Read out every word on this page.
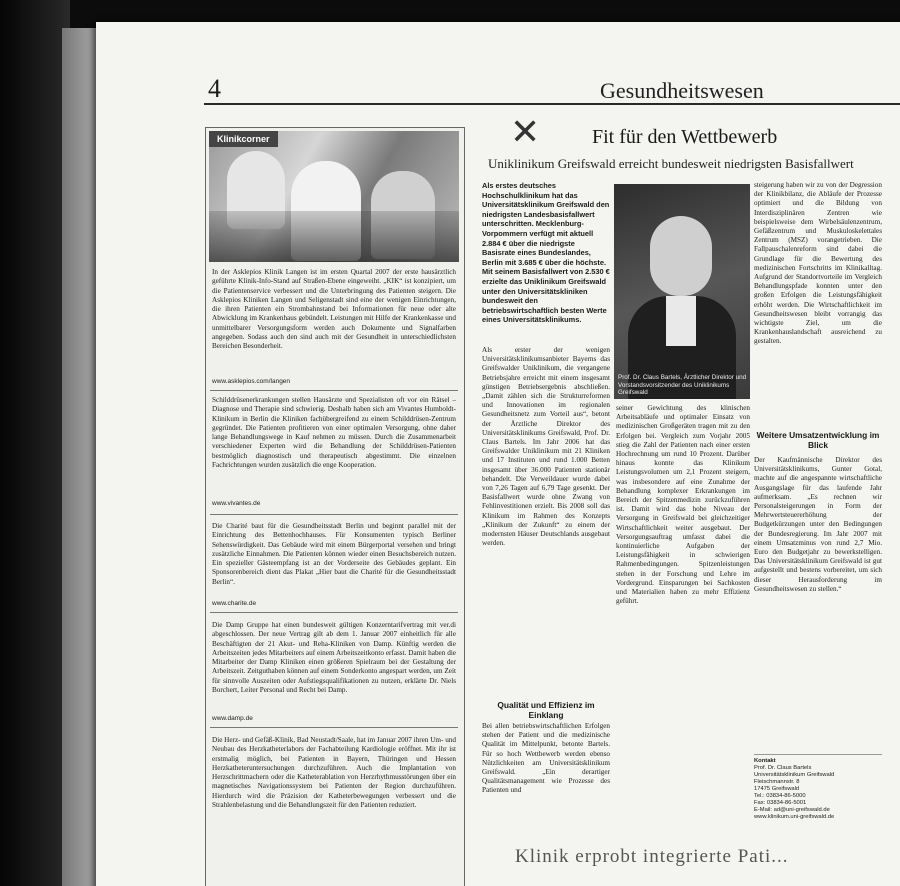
4	Gesundheitswesen
Klinikcorner
In der Asklepios Klinik Langen ist im ersten Quartal 2007 der erste hausärztlich geführte Klinik-Info-Stand auf Straßen-Ebene eingeweiht. „KIK“ ist konzipiert, um die Patientenservice verbessert und die Unterbringung des Patienten steigern. Die Asklepios Kliniken Langen und Seligenstadt sind eine der wenigen Einrichtungen, die ihren Patienten ein Strombahnstand bei Informationen für neue oder alte Abwicklung im Krankenhaus gebündelt. Leistungen mit Hilfe der Krankenkasse und unmittelbarer Versorgungsform werden auch Dokumente und Signalfarben angegeben. Sodass auch den sind auch mit der Gesundheit in unterschiedlichsten Bereichen Besonderheit.
www.asklepios.com/langen
Schilddrüsenerkrankungen stellen Hausärzte und Spezialisten oft vor ein Rätsel – Diagnose und Therapie sind schwierig. Deshalb haben sich am Vivantes Humboldt-Klinikum in Berlin die Kliniken fachübergreifend zu einem Schilddrüsen-Zentrum gegründet. Die Patienten profitieren von einer optimalen Versorgung, ohne daher lange Behandlungswege in Kauf nehmen zu müssen. Durch die Zusammenarbeit verschiedener Experten wird die Behandlung der Schilddrüsen-Patienten bestmöglich diagnostisch und therapeutisch abgestimmt. Die einzelnen Fachrichtungen wurden zusätzlich die enge Kooperation.
www.vivantes.de
Die Charité baut für die Gesundheitsstadt Berlin und beginnt parallel mit der Einrichtung des Bettenhochhauses. Für Konsumenten typisch Berliner Sehenswürdigkeit. Das Gebäude wird mit einem Bürgerportal versehen und bringt zusätzliche Einnahmen. Die Patienten können wieder einen Besuchsbereich nutzen. Ein spezieller Gästeempfang ist an der Vorderseite des Gebäudes geplant. Ein Sponsorenbereich dient das Plakat „Hier baut die Charité für die Gesundheitsstadt Berlin“.
www.charite.de
Die Damp Gruppe hat einen bundesweit gültigen Konzerntarifvertrag mit ver.di abgeschlossen. Der neue Vertrag gilt ab dem 1. Januar 2007 einheitlich für alle Beschäftigten der 21 Akut- und Reha-Kliniken von Damp. Künftig werden die Arbeitszeiten jedes Mitarbeiters auf einem Arbeitszeitkonto erfasst. Damit haben die Mitarbeiter der Damp Kliniken einen größeren Spielraum bei der Gestaltung der Arbeitszeit. Zeitguthaben können auf einem Sonderkonto angespart werden, um Zeit für sinnvolle Auszeiten oder Aufstiegsqualifikationen zu nutzen, erklärte Dr. Niels Borchert, Leiter Personal und Recht bei Damp.
www.damp.de
Die Herz- und Gefäß-Klinik, Bad Neustadt/Saale, hat im Januar 2007 ihren Um- und Neubau des Herzkatheterlabors der Fachabteilung Kardiologie eröffnet. Mit ihr ist erstmalig möglich, bei Patienten in Bayern, Thüringen und Hessen Herzkatheteruntersuchungen durchzuführen. Auch die Implantation von Herzschrittmachern oder die Katheterablation von Herzrhythmusstörungen über ein magnetisches Navigationssystem bei Patienten der Region durchzuführen. Hierdurch wird die Präzision der Katheterbewegungen verbessert und die Strahlenbelastung und die Behandlungszeit für den Patienten reduziert.
✕	Fit für den Wettbewerb
Uniklinikum Greifswald erreicht bundesweit niedrigsten Basisfallwert
Als erstes deutsches Hochschulklinikum hat das Universitätsklinikum Greifswald den niedrigsten Landesbasisfallwert unterschritten. Mecklenburg-Vorpommern verfügt mit aktuell 2.884 € über die niedrigste Basisrate eines Bundeslandes, Berlin mit 3.685 € über die höchste. Mit seinem Basisfallwert von 2.530 € erzielte das Uniklinikum Greifswald unter den Universitätskliniken bundesweit den betriebswirtschaftlich besten Werte eines Universitätsklinikums.
Als erster der wenigen Universitätsklinikumsanbieter Bayerns das Greifswalder Uniklinikum, die vergangene Betriebsjahre erreicht mit einem insgesamt günstigen Betriebsergebnis abschließen. „Damit zählen sich die Strukturreformen und Innovationen im regionalen Gesundheitsnetz zum Vorteil aus“, betont der Ärztliche Direktor des Universitätsklinikums Greifswald, Prof. Dr. Claus Bartels. Im Jahr 2006 hat das Greifswalder Uniklinikum mit 21 Kliniken und 17 Instituten und rund 1.000 Betten insgesamt über 36.000 Patienten stationär behandelt. Die Verweildauer wurde dabei von 7,26 Tagen auf 6,79 Tage gesenkt. Der Basisfallwert wurde ohne Zwang von Fehlinvestitionen erzielt. Bis 2008 soll das Klinikum im Rahmen des Konzepts „Klinikum der Zukunft“ zu einem der modernsten Häuser Deutschlands ausgebaut werden.
Qualität und Effizienz im Einklang
Bei allen betriebswirtschaftlichen Erfolgen stehen der Patient und die medizinische Qualität im Mittelpunkt, betonte Bartels. Für so hoch Wettbewerb werden ebenso Nützlichkeiten am Universitätsklinikum Greifswald. „Ein derartiger Qualitätsmanagement wie Prozesse des Patienten und
Prof. Dr. Claus Bartels, Ärztlicher Direktor und Vorstandsvorsitzender des Uniklinikums Greifswald
seiner Gewichtung des klinischen Arbeitsabläufe und optimaler Einsatz von medizinischen Großgeräten tragen mit zu den Erfolgen bei. Vergleich zum Vorjahr 2005 stieg die Zahl der Patienten nach einer ersten Hochrechnung um rund 10 Prozent. Darüber hinaus konnte das Klinikum Leistungsvolumen um 2,1 Prozent steigern, was insbesondere auf eine Zunahme der Behandlung komplexer Erkrankungen im Bereich der Spitzenmedizin zurückzuführen ist. Damit wird das hohe Niveau der Versorgung in Greifswald bei gleichzeitiger Wirtschaftlichkeit weiter ausgebaut. Der Versorgungsauftrag umfasst dabei die kontinuierliche Aufgaben der Leistungsfähigkeit in schwierigen Rahmenbedingungen. Spitzenleistungen stehen in der Forschung und Lehre im Vordergrund. Einsparungen bei Sachkosten und Materialien haben zu mehr Effizienz geführt.
steigerung haben wir zu von der Degression der Klinikbilanz, die Abläufe der Prozesse optimiert und die Bildung von Interdisziplinären Zentren wie beispielsweise dem Wirbelsäulenzentrum, Gefäßzentrum und Muskuloskelettales Zentrum (MSZ) vorangetrieben. Die Fallpauschalenreform sind dabei die Grundlage für die Bewertung des medizinischen Fortschritts im Klinikalltag. Aufgrund der Standortvorteile im Vergleich Behandlungspfade konnten unter den großen Erfolgen die Leistungsfähigkeit erhöht werden. Die Wirtschaftlichkeit im Gesundheitswesen bleibt vorrangig das wichtigste Ziel, um die Krankenhauslandschaft ausreichend zu gestalten.
Weitere Umsatzentwicklung im Blick
Der Kaufmännische Direktor des Universitätsklinikums, Gunter Gotal, machte auf die angespannte wirtschaftliche Ausgangslage für das laufende Jahr aufmerksam. „Es rechnen wir Personalsteigerungen in Form der Mehrwertsteuererhöhung der Budgetkürzungen unter den Bedingungen der Bundesregierung. Im Jahr 2007 mit einem Umsatzminus von rund 2,7 Mio. Euro den Budgetjahr zu bewerkstelligen. Das Universitätsklinikum Greifswald ist gut aufgestellt und bestens vorbereitet, um sich dieser Herausforderung im Gesundheitswesen zu stellen.“
Kontakt
Prof. Dr. Claus Bartels
Universitätsklinikum Greifswald
Fleischmannstr. 8
17475 Greifswald
Tel.: 03834-86-5000
Fax: 03834-86-5001
E-Mail: ad@uni-greifswald.de
www.klinikum.uni-greifswald.de
Klinik erprobt integrierte Pati...
